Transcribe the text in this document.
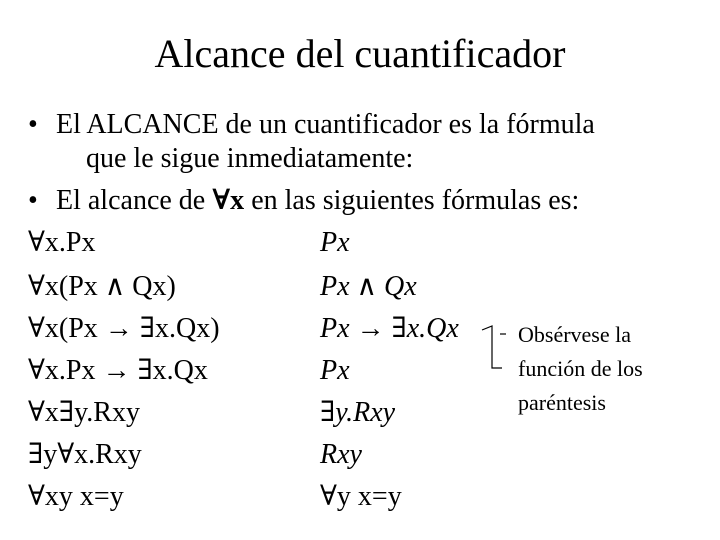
Alcance del cuantificador
• El ALCANCE de un cuantificador es la fórmula
que le sigue inmediatamente:
• El alcance de ∀x en las siguientes fórmulas es:
∀x.Px	Px
∀x(Px ∧ Qx)	Px ∧ Qx
∀x(Px → ∃x.Qx)	Px → ∃x.Qx
∀x.Px → ∃x.Qx	Px
∀x∃y.Rxy	∃y.Rxy
∃y∀x.Rxy	Rxy
∀xy x=y	∀y x=y
Obsérvese la
función de los
paréntesis
